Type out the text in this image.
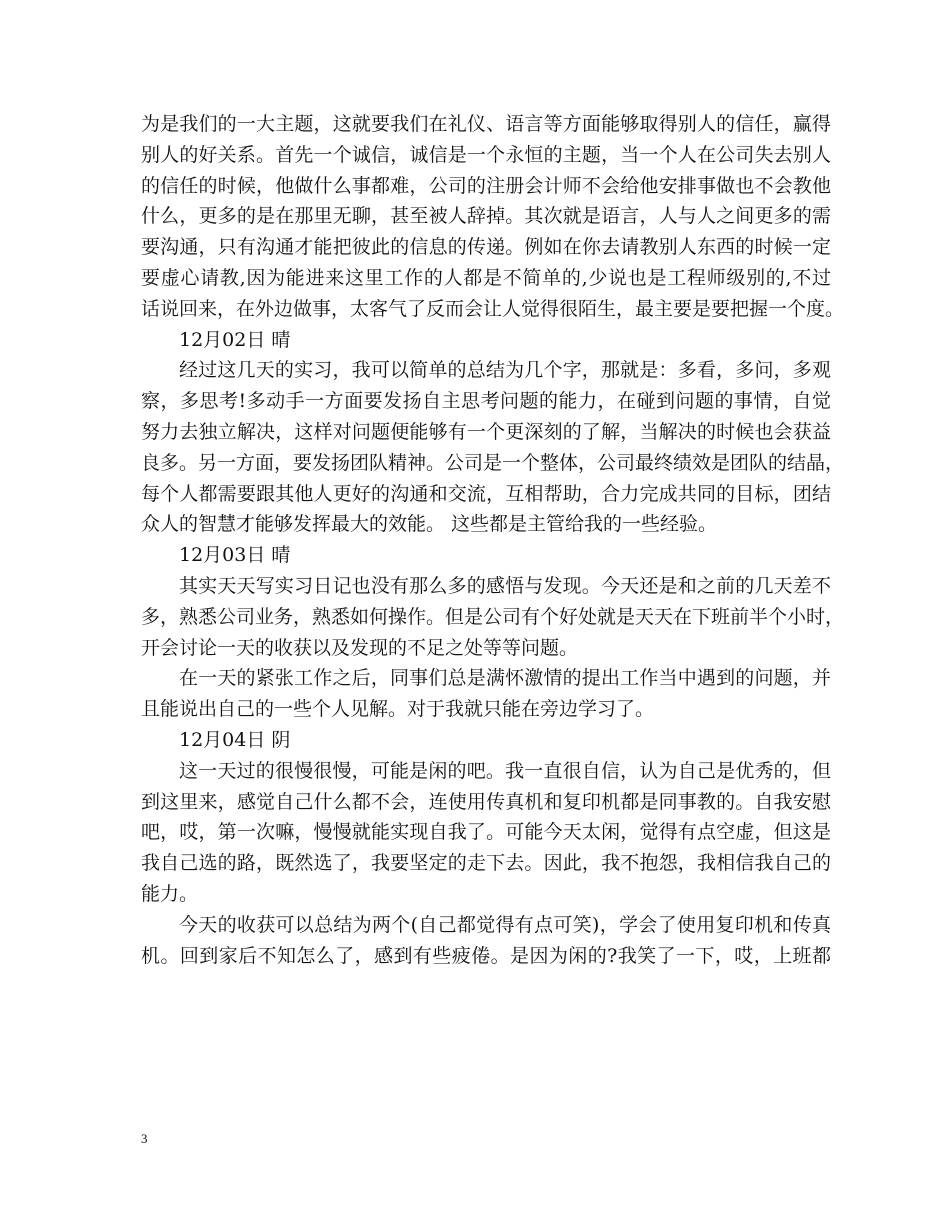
为是我们的一大主题，这就要我们在礼仪、语言等方面能够取得别人的信任，赢得
别人的好关系。首先一个诚信，诚信是一个永恒的主题，当一个人在公司失去别人
的信任的时候，他做什么事都难，公司的注册会计师不会给他安排事做也不会教他
什么，更多的是在那里无聊，甚至被人辞掉。其次就是语言，人与人之间更多的需
要沟通，只有沟通才能把彼此的信息的传递。例如在你去请教别人东西的时候一定
要虚心请教,因为能进来这里工作的人都是不简单的,少说也是工程师级别的,不过
话说回来，在外边做事，太客气了反而会让人觉得很陌生，最主要是要把握一个度。
12月02日 晴
经过这几天的实习，我可以简单的总结为几个字，那就是：多看，多问，多观
察，多思考!多动手一方面要发扬自主思考问题的能力，在碰到问题的事情，自觉
努力去独立解决，这样对问题便能够有一个更深刻的了解，当解决的时候也会获益
良多。另一方面，要发扬团队精神。公司是一个整体，公司最终绩效是团队的结晶，
每个人都需要跟其他人更好的沟通和交流，互相帮助，合力完成共同的目标，团结
众人的智慧才能够发挥最大的效能。 这些都是主管给我的一些经验。
12月03日 晴
其实天天写实习日记也没有那么多的感悟与发现。今天还是和之前的几天差不
多，熟悉公司业务，熟悉如何操作。但是公司有个好处就是天天在下班前半个小时，
开会讨论一天的收获以及发现的不足之处等等问题。
在一天的紧张工作之后，同事们总是满怀激情的提出工作当中遇到的问题，并
且能说出自己的一些个人见解。对于我就只能在旁边学习了。
12月04日 阴
这一天过的很慢很慢，可能是闲的吧。我一直很自信，认为自己是优秀的，但
到这里来，感觉自己什么都不会，连使用传真机和复印机都是同事教的。自我安慰
吧，哎，第一次嘛，慢慢就能实现自我了。可能今天太闲，觉得有点空虚，但这是
我自己选的路，既然选了，我要坚定的走下去。因此，我不抱怨，我相信我自己的
能力。
今天的收获可以总结为两个(自己都觉得有点可笑)，学会了使用复印机和传真
机。回到家后不知怎么了，感到有些疲倦。是因为闲的?我笑了一下，哎，上班都
3
